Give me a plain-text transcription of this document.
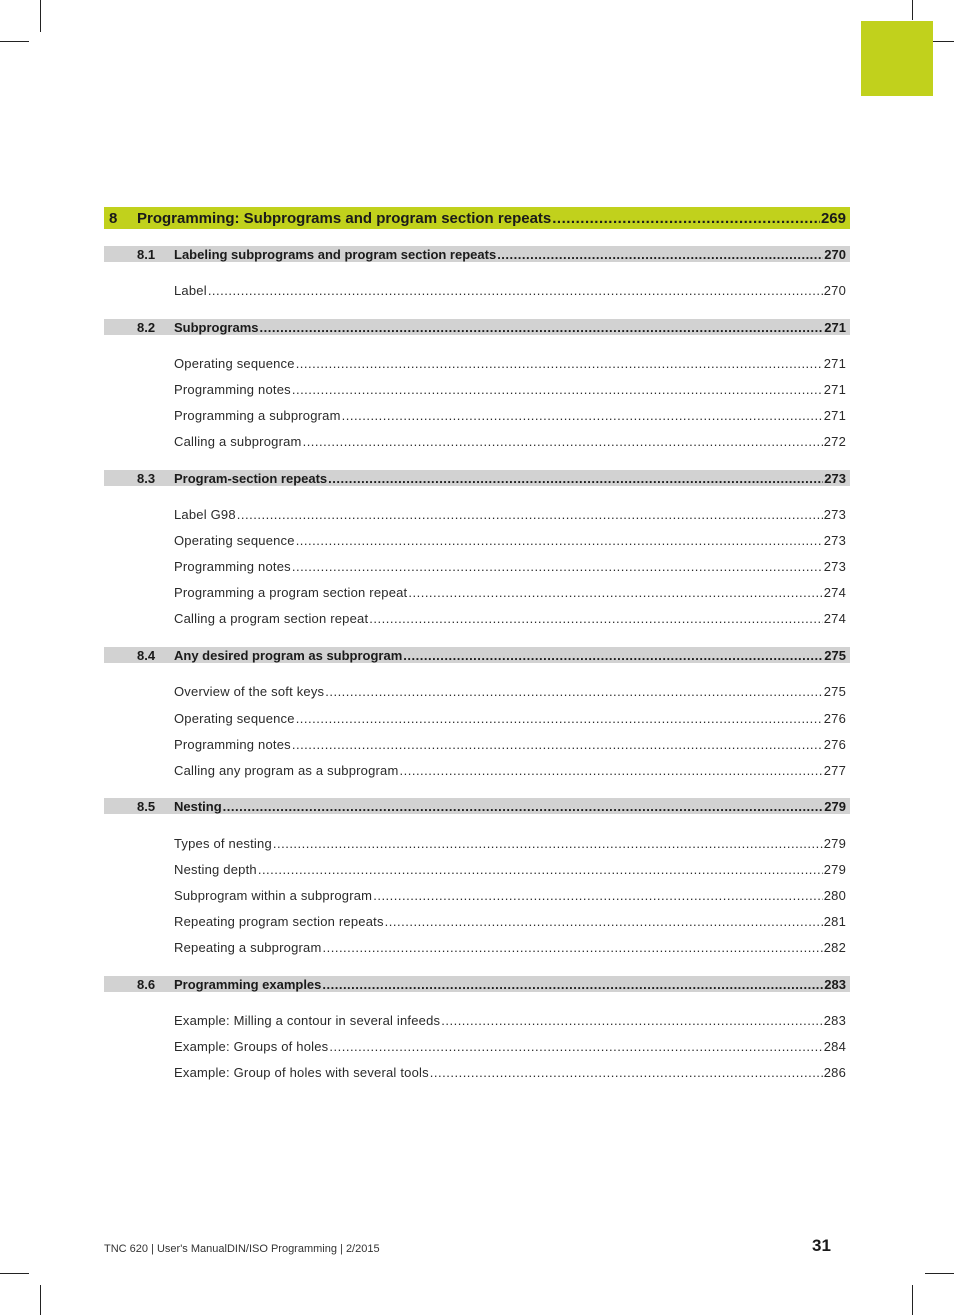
8	Programming: Subprograms and program section repeats .....	269
8.1	Labeling subprograms and program section repeats .....	270
Label .....	270
8.2	Subprograms .....	271
Operating sequence .....	271
Programming notes .....	271
Programming a subprogram .....	271
Calling a subprogram .....	272
8.3	Program-section repeats .....	273
Label G98 .....	273
Operating sequence .....	273
Programming notes .....	273
Programming a program section repeat .....	274
Calling a program section repeat .....	274
8.4	Any desired program as subprogram .....	275
Overview of the soft keys .....	275
Operating sequence .....	276
Programming notes .....	276
Calling any program as a subprogram .....	277
8.5	Nesting .....	279
Types of nesting .....	279
Nesting depth .....	279
Subprogram within a subprogram .....	280
Repeating program section repeats .....	281
Repeating a subprogram .....	282
8.6	Programming examples .....	283
Example: Milling a contour in several infeeds .....	283
Example: Groups of holes .....	284
Example: Group of holes with several tools .....	286
TNC 620 | User's ManualDIN/ISO Programming | 2/2015	31
